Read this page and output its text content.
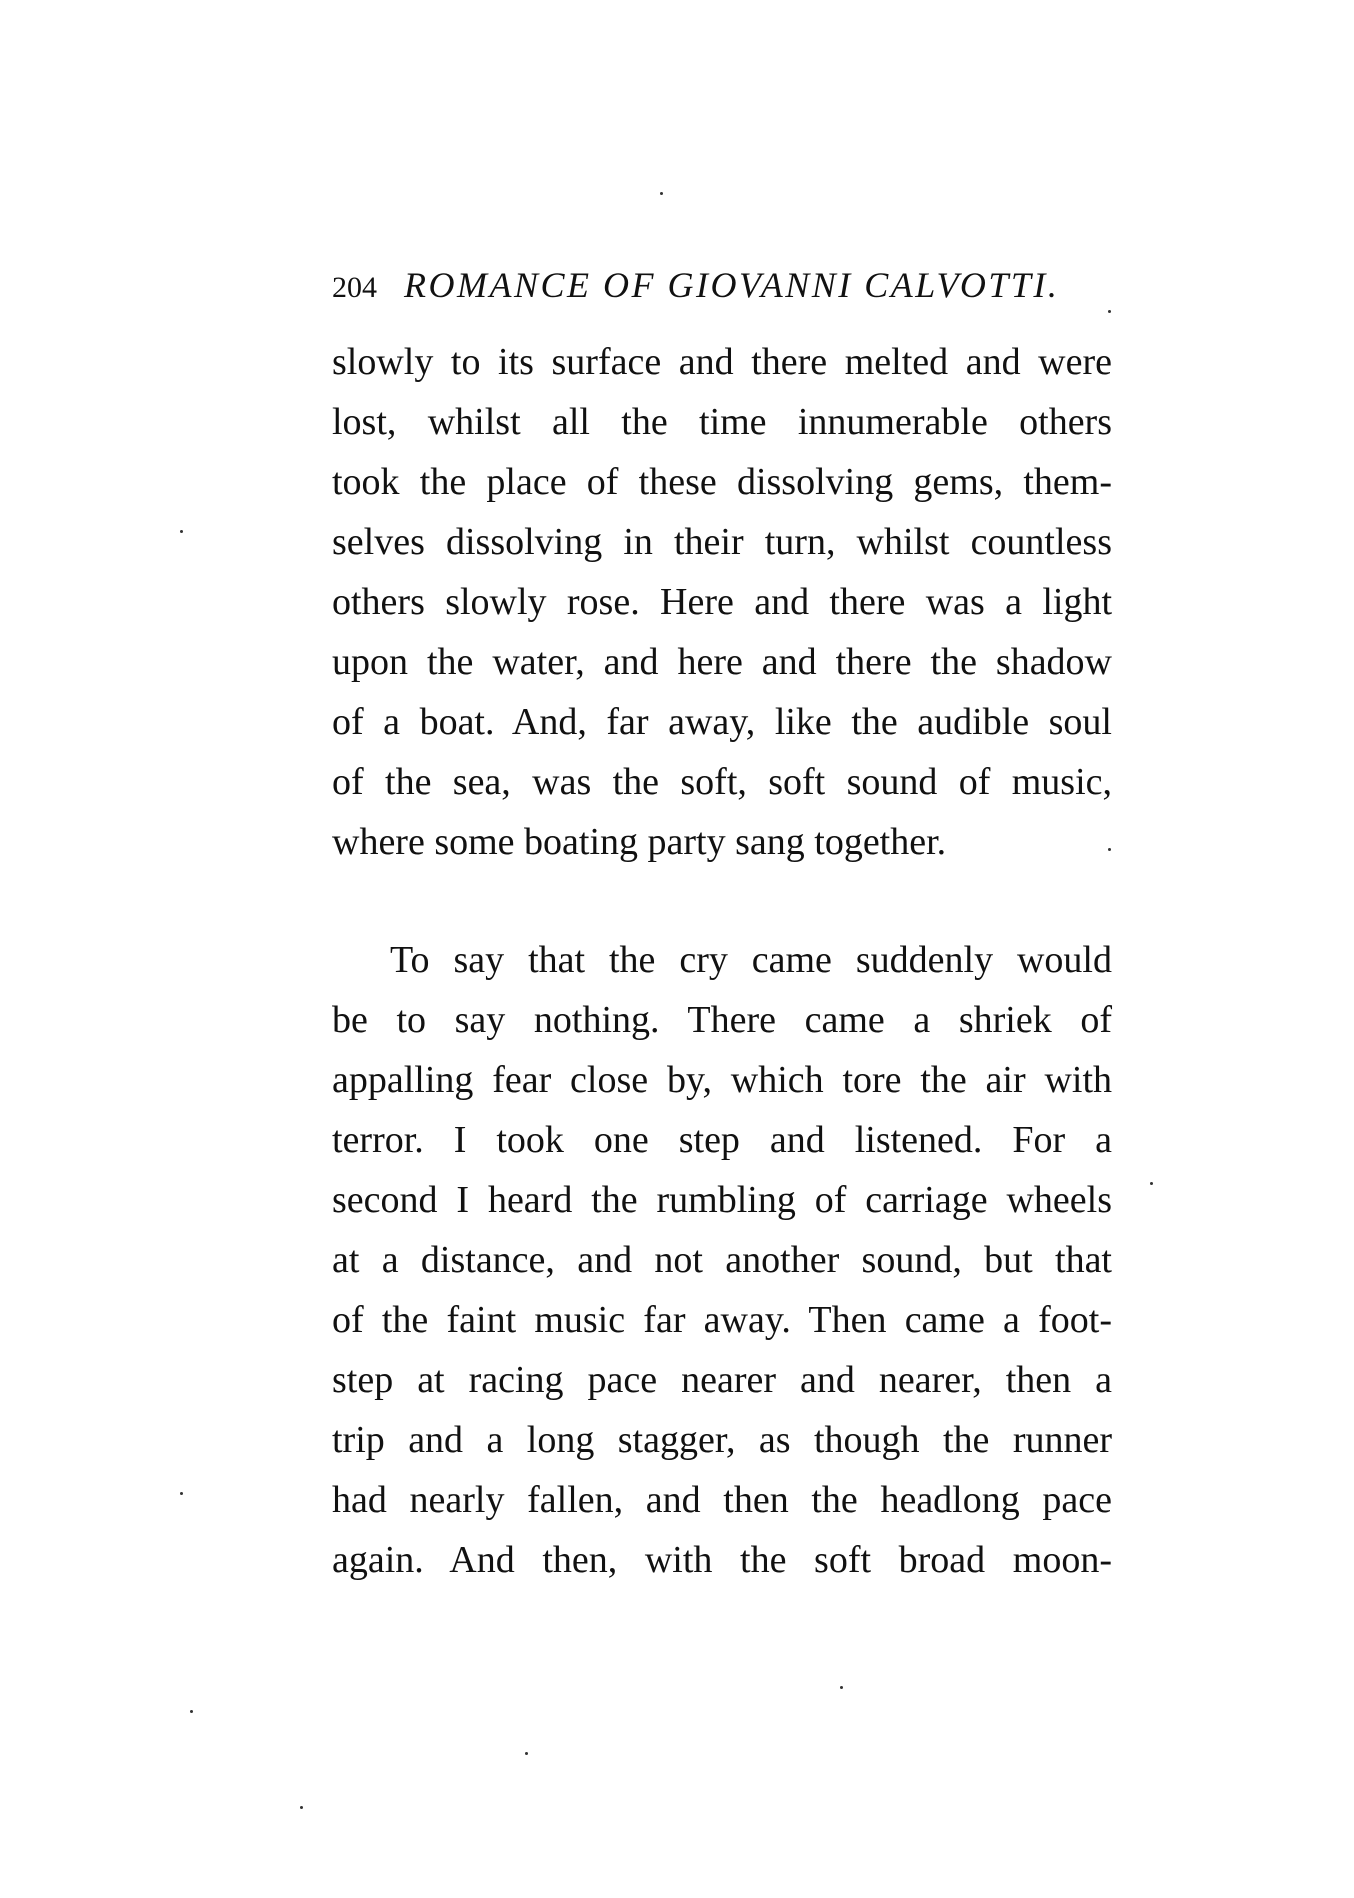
204 ROMANCE OF GIOVANNI CALVOTTI.
slowly to its surface and there melted and were
lost, whilst all the time innumerable others
took the place of these dissolving gems, them-
selves dissolving in their turn, whilst countless
others slowly rose. Here and there was a light
upon the water, and here and there the shadow
of a boat. And, far away, like the audible soul
of the sea, was the soft, soft sound of music,
where some boating party sang together.
To say that the cry came suddenly would
be to say nothing. There came a shriek of
appalling fear close by, which tore the air with
terror. I took one step and listened. For a
second I heard the rumbling of carriage wheels
at a distance, and not another sound, but that
of the faint music far away. Then came a foot-
step at racing pace nearer and nearer, then a
trip and a long stagger, as though the runner
had nearly fallen, and then the headlong pace
again. And then, with the soft broad moon-
